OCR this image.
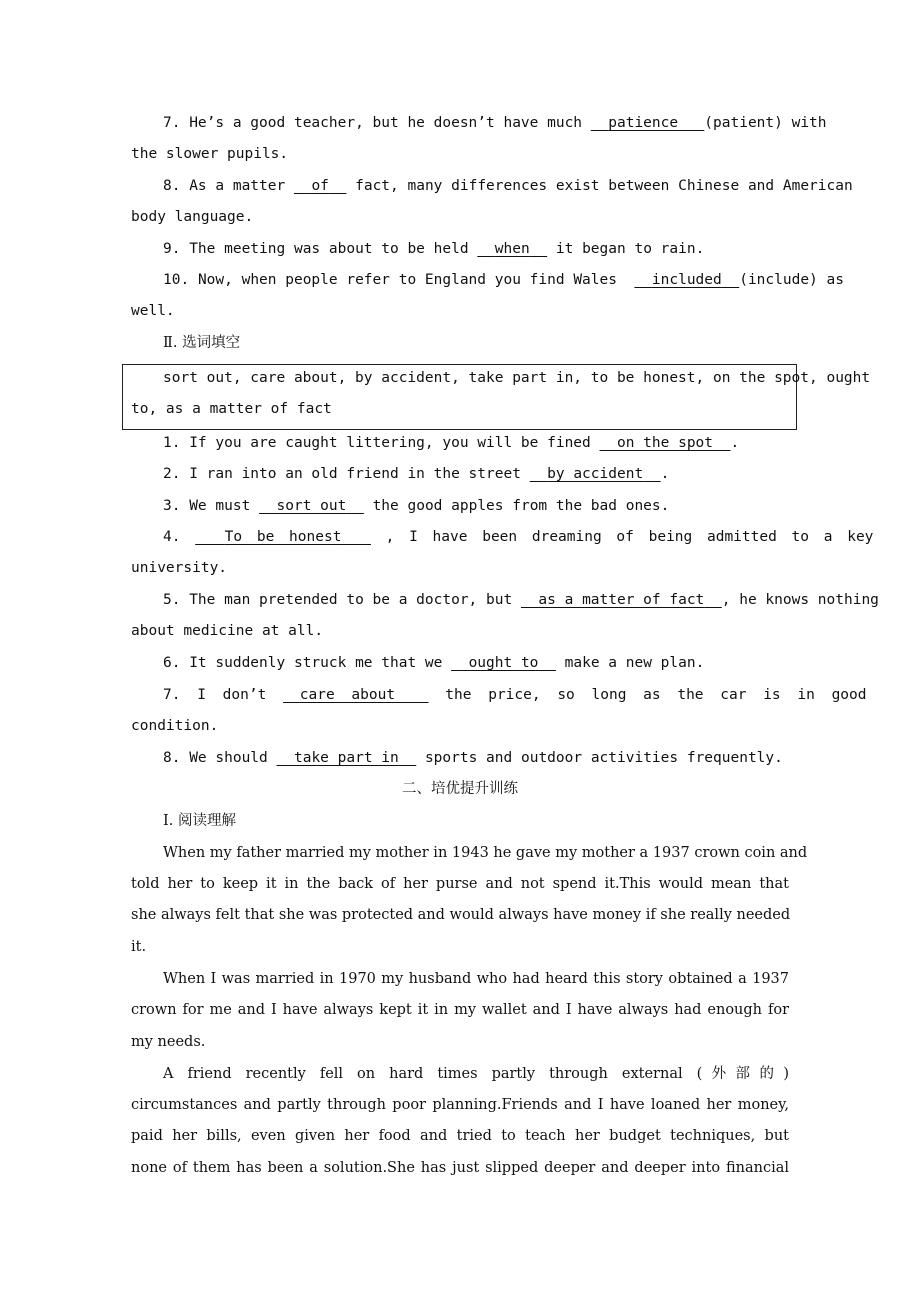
7. He’s a good teacher, but he doesn’t have much patience (patient) with
the slower pupils.
8. As a matter of fact, many differences exist between Chinese and American
body language.
9. The meeting was about to be held when it began to rain.
10. Now, when people refer to England you find Wales included (include) as
well.
Ⅱ. 选词填空
sort out, care about, by accident, take part in, to be honest, on the spot, ought
to, as a matter of fact
1. If you are caught littering, you will be fined on the spot .
2. I ran into an old friend in the street by accident .
3. We must sort out the good apples from the bad ones.
4.	To be honest	, I have been dreaming of being admitted to a key
university.
5. The man pretended to be a doctor, but as a matter of fact , he knows nothing
about medicine at all.
6. It suddenly struck me that we ought to make a new plan.
7. I don’t care about	the price, so long as the car is in good
condition.
8. We should take part in sports and outdoor activities frequently.
二、培优提升训练
Ⅰ. 阅读理解
When my father married my mother in 1943 he gave my mother a 1937 crown coin and
told her to keep it in the back of her purse and not spend it.This would mean that
she always felt that she was protected and would always have money if she really needed
it.
When I was married in 1970 my husband who had heard this story obtained a 1937
crown for me and I have always kept it in my wallet and I have always had enough for
my needs.
A friend recently fell on hard times partly through external (外部的)
circumstances and partly through poor planning.Friends and I have loaned her money,
paid her bills, even given her food and tried to teach her budget techniques, but
none of them has been a solution.She has just slipped deeper and deeper into financial
